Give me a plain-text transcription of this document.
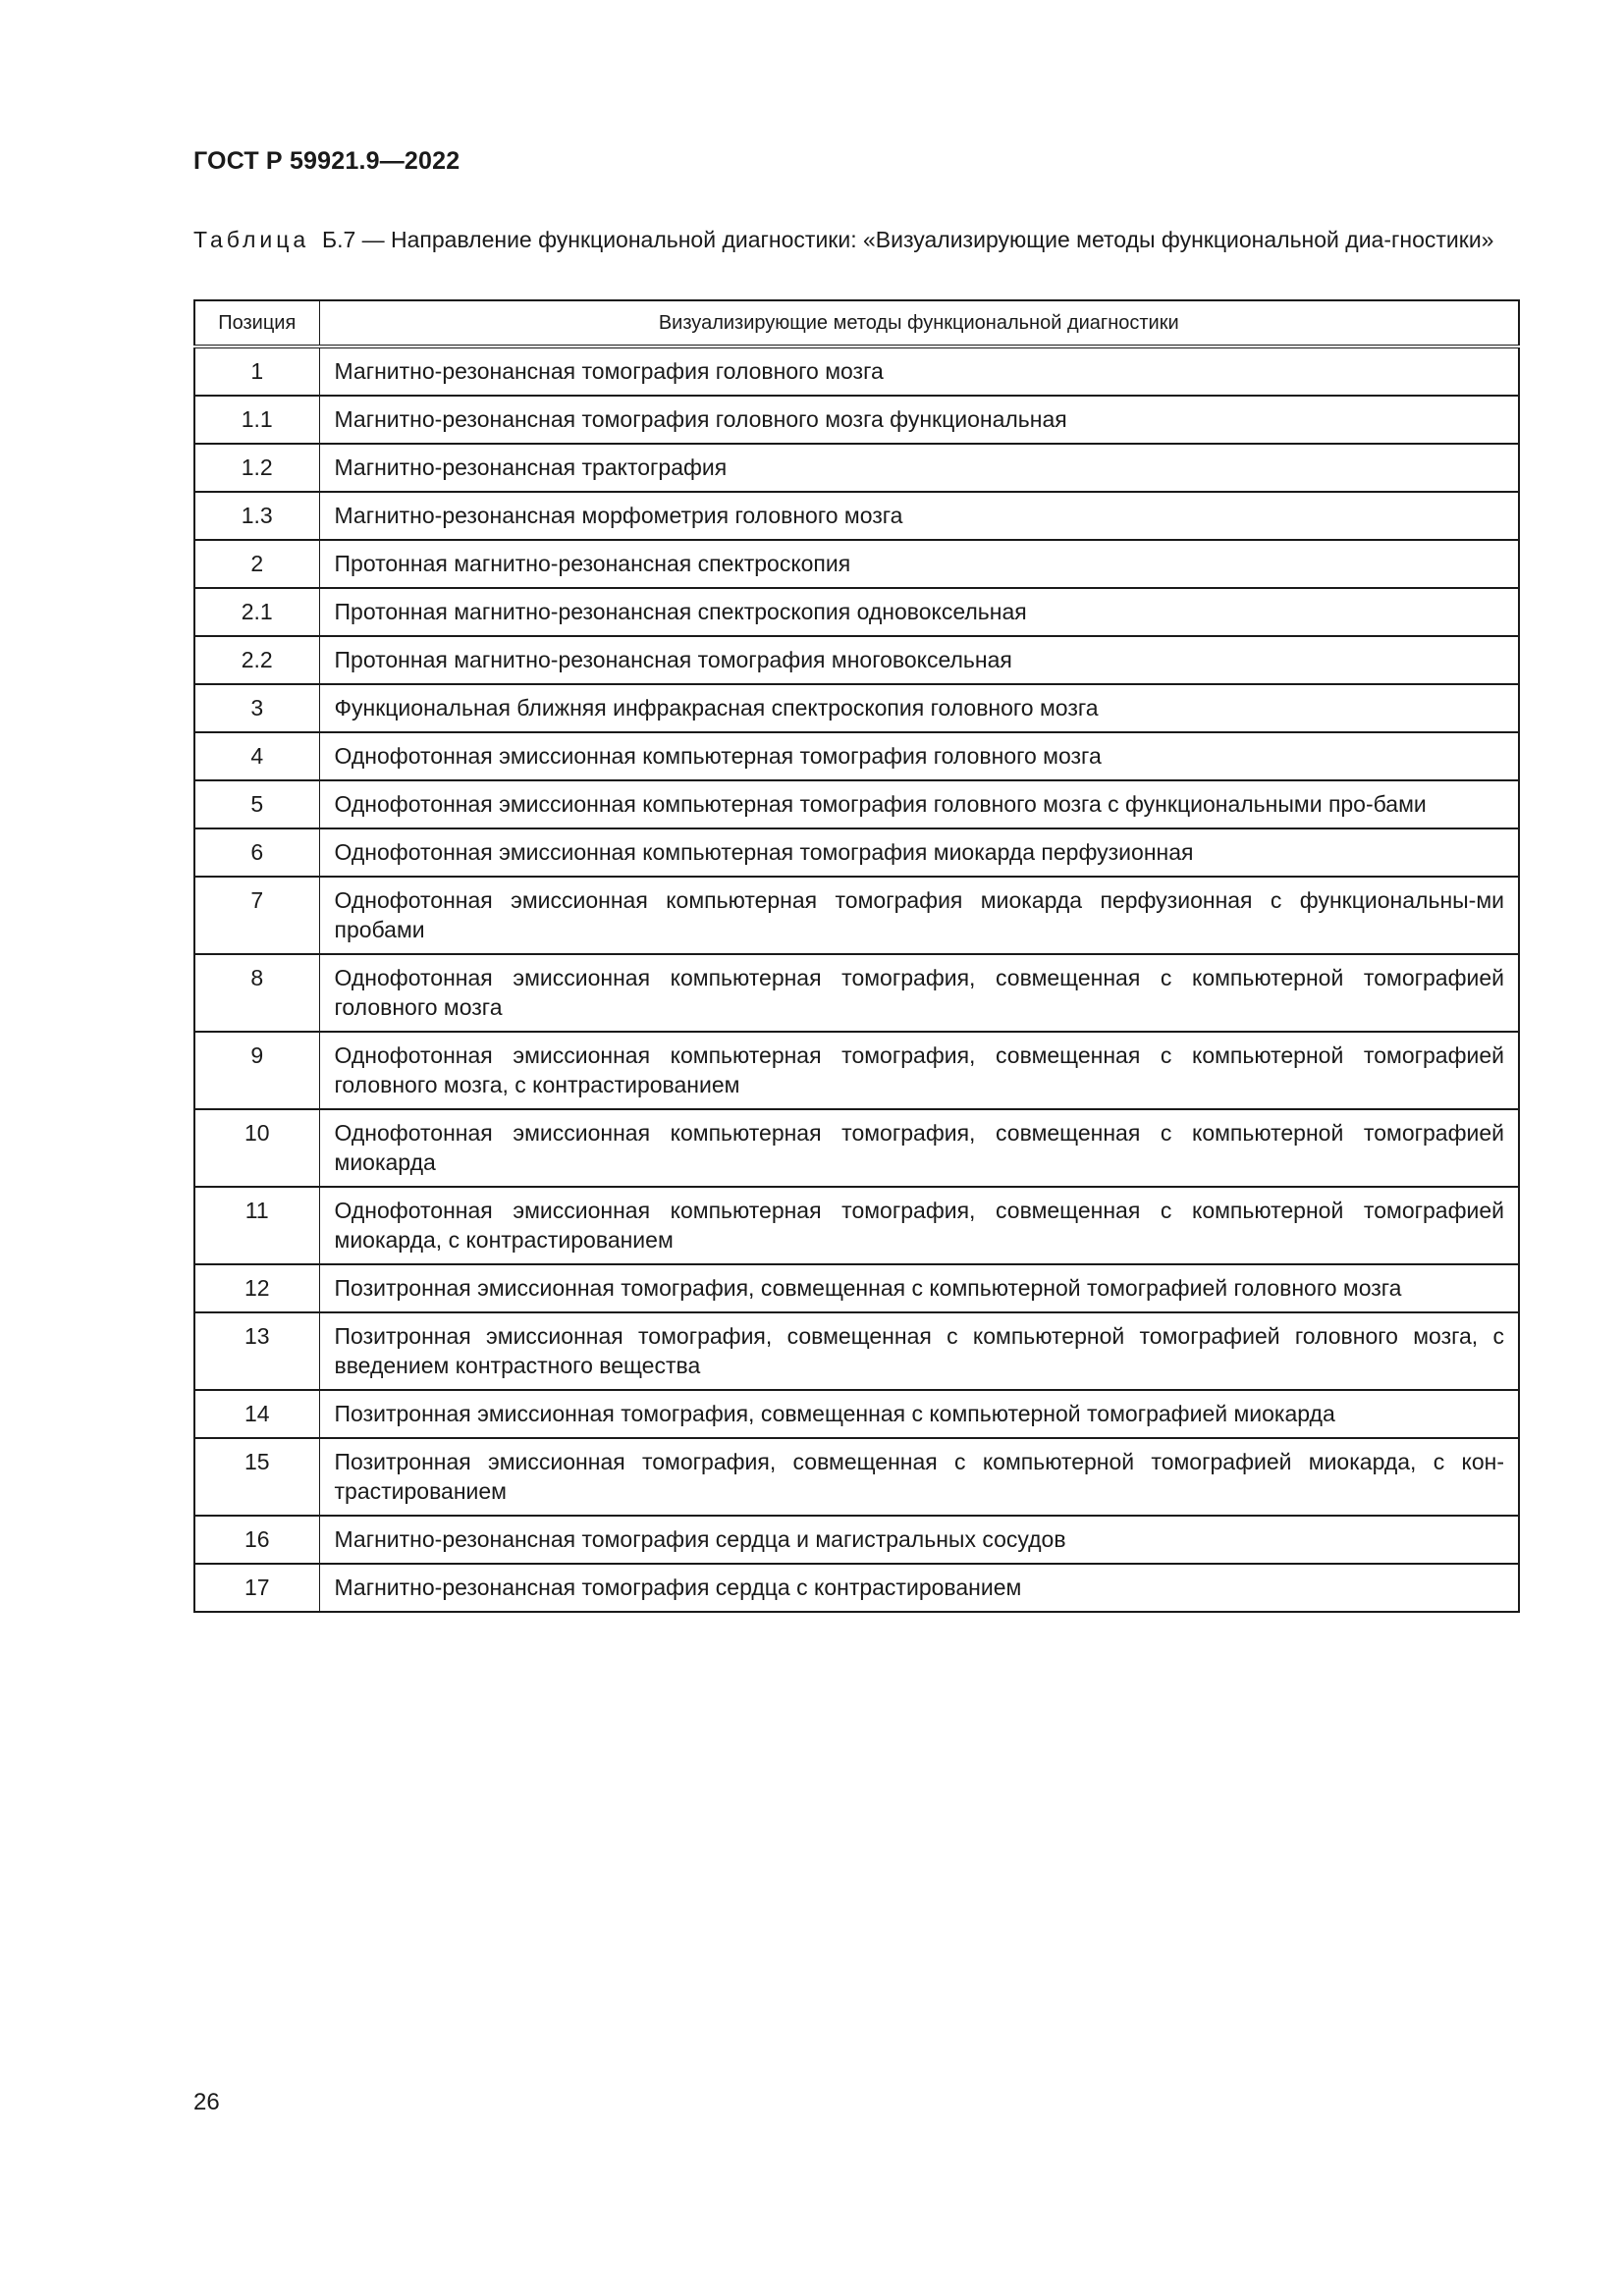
ГОСТ Р 59921.9—2022

Таблица Б.7 — Направление функциональной диагностики: «Визуализирующие методы функциональной диа-гностики»

Позиция	Визуализирующие методы функциональной диагностики
1	Магнитно-резонансная томография головного мозга
1.1	Магнитно-резонансная томография головного мозга функциональная
1.2	Магнитно-резонансная трактография
1.3	Магнитно-резонансная морфометрия головного мозга
2	Протонная магнитно-резонансная спектроскопия
2.1	Протонная магнитно-резонансная спектроскопия одновоксельная
2.2	Протонная магнитно-резонансная томография многовоксельная
3	Функциональная ближняя инфракрасная спектроскопия головного мозга
4	Однофотонная эмиссионная компьютерная томография головного мозга
5	Однофотонная эмиссионная компьютерная томография головного мозга с функциональными про-бами
6	Однофотонная эмиссионная компьютерная томография миокарда перфузионная
7	Однофотонная эмиссионная компьютерная томография миокарда перфузионная с функциональны-ми пробами
8	Однофотонная эмиссионная компьютерная томография, совмещенная с компьютерной томографией головного мозга
9	Однофотонная эмиссионная компьютерная томография, совмещенная с компьютерной томографией головного мозга, с контрастированием
10	Однофотонная эмиссионная компьютерная томография, совмещенная с компьютерной томографией миокарда
11	Однофотонная эмиссионная компьютерная томография, совмещенная с компьютерной томографией миокарда, с контрастированием
12	Позитронная эмиссионная томография, совмещенная с компьютерной томографией головного мозга
13	Позитронная эмиссионная томография, совмещенная с компьютерной томографией головного мозга, с введением контрастного вещества
14	Позитронная эмиссионная томография, совмещенная с компьютерной томографией миокарда
15	Позитронная эмиссионная томография, совмещенная с компьютерной томографией миокарда, с кон-трастированием
16	Магнитно-резонансная томография сердца и магистральных сосудов
17	Магнитно-резонансная томография сердца с контрастированием

26
